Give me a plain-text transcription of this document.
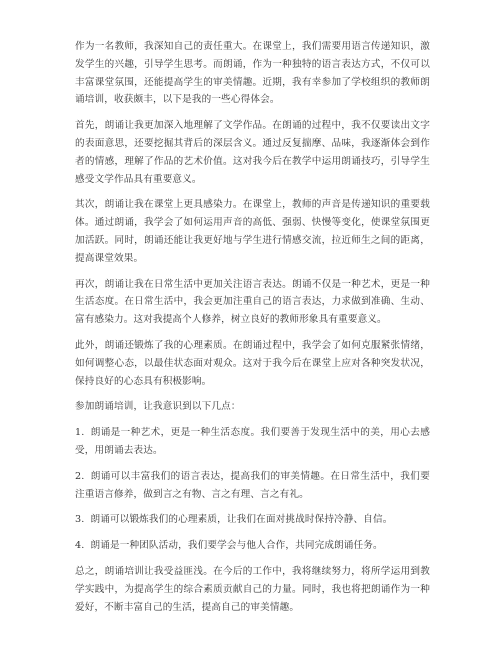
作为一名教师，我深知自己的责任重大。在课堂上，我们需要用语言传递知识，激发学生的兴趣，引导学生思考。而朗诵，作为一种独特的语言表达方式，不仅可以丰富课堂氛围，还能提高学生的审美情趣。近期，我有幸参加了学校组织的教师朗诵培训，收获颇丰，以下是我的一些心得体会。

首先，朗诵让我更加深入地理解了文学作品。在朗诵的过程中，我不仅要读出文字的表面意思，还要挖掘其背后的深层含义。通过反复揣摩、品味，我逐渐体会到作者的情感，理解了作品的艺术价值。这对我今后在教学中运用朗诵技巧，引导学生感受文学作品具有重要意义。

其次，朗诵让我在课堂上更具感染力。在课堂上，教师的声音是传递知识的重要载体。通过朗诵，我学会了如何运用声音的高低、强弱、快慢等变化，使课堂氛围更加活跃。同时，朗诵还能让我更好地与学生进行情感交流，拉近师生之间的距离，提高课堂效果。

再次，朗诵让我在日常生活中更加关注语言表达。朗诵不仅是一种艺术，更是一种生活态度。在日常生活中，我会更加注重自己的语言表达，力求做到准确、生动、富有感染力。这对我提高个人修养，树立良好的教师形象具有重要意义。

此外，朗诵还锻炼了我的心理素质。在朗诵过程中，我学会了如何克服紧张情绪，如何调整心态，以最佳状态面对观众。这对于我今后在课堂上应对各种突发状况，保持良好的心态具有积极影响。

参加朗诵培训，让我意识到以下几点：

1. 朗诵是一种艺术，更是一种生活态度。我们要善于发现生活中的美，用心去感受，用朗诵去表达。

2. 朗诵可以丰富我们的语言表达，提高我们的审美情趣。在日常生活中，我们要注重语言修养，做到言之有物、言之有理、言之有礼。

3. 朗诵可以锻炼我们的心理素质，让我们在面对挑战时保持冷静、自信。

4. 朗诵是一种团队活动，我们要学会与他人合作，共同完成朗诵任务。

总之，朗诵培训让我受益匪浅。在今后的工作中，我将继续努力，将所学运用到教学实践中，为提高学生的综合素质贡献自己的力量。同时，我也将把朗诵作为一种爱好，不断丰富自己的生活，提高自己的审美情趣。
